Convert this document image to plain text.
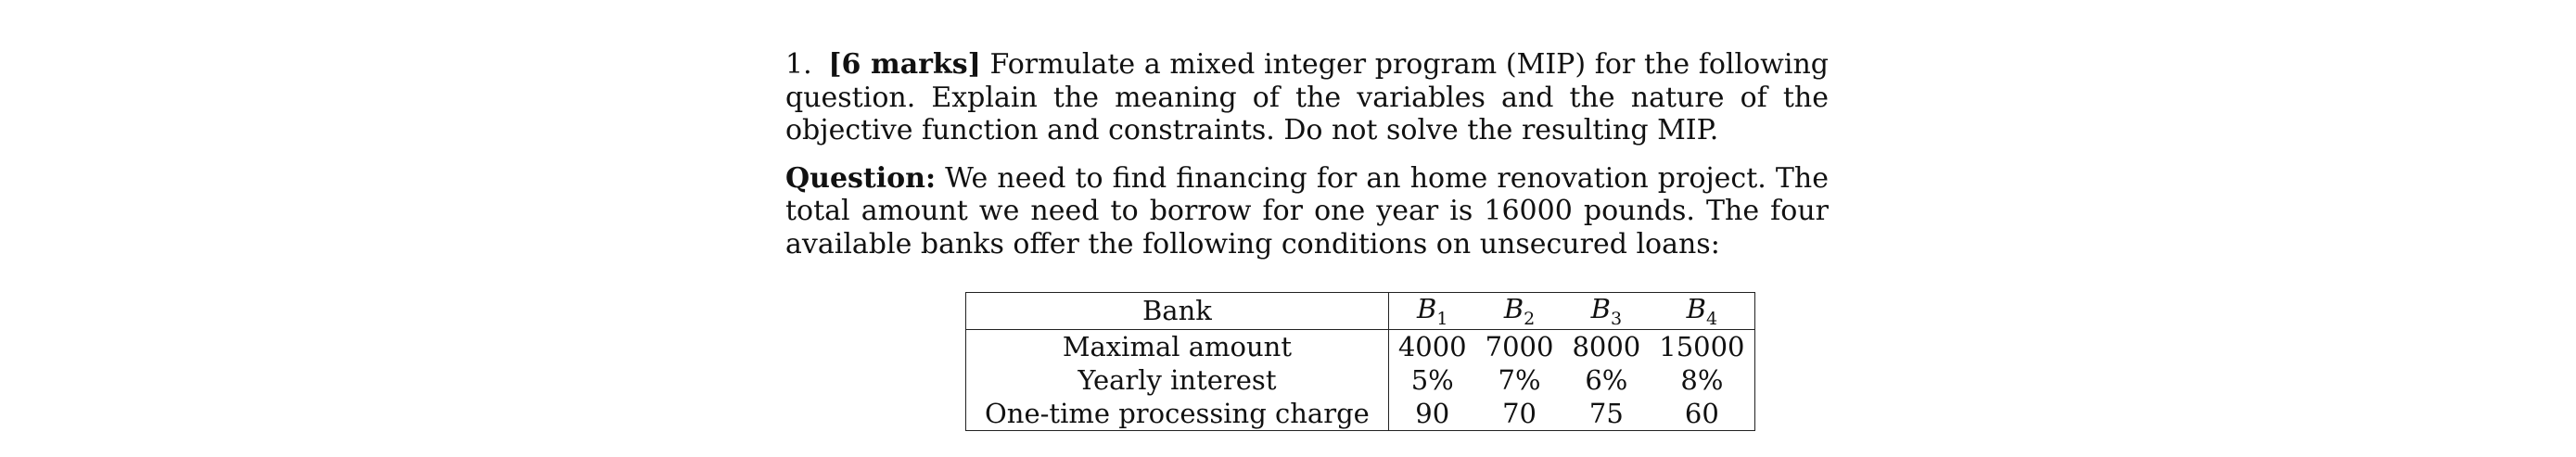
1. [6 marks] Formulate a mixed integer program (MIP) for the following question. Explain the meaning of the variables and the nature of the objective function and constraints. Do not solve the resulting MIP.

Question: We need to find financing for an home renovation project. The total amount we need to borrow for one year is 16000 pounds. The four available banks offer the following conditions on unsecured loans:

Bank	$B_1$	$B_2$	$B_3$	$B_4$
Maximal amount	4000	7000	8000	15000
Yearly interest	5%	7%	6%	8%
One-time processing charge	90	70	75	60
